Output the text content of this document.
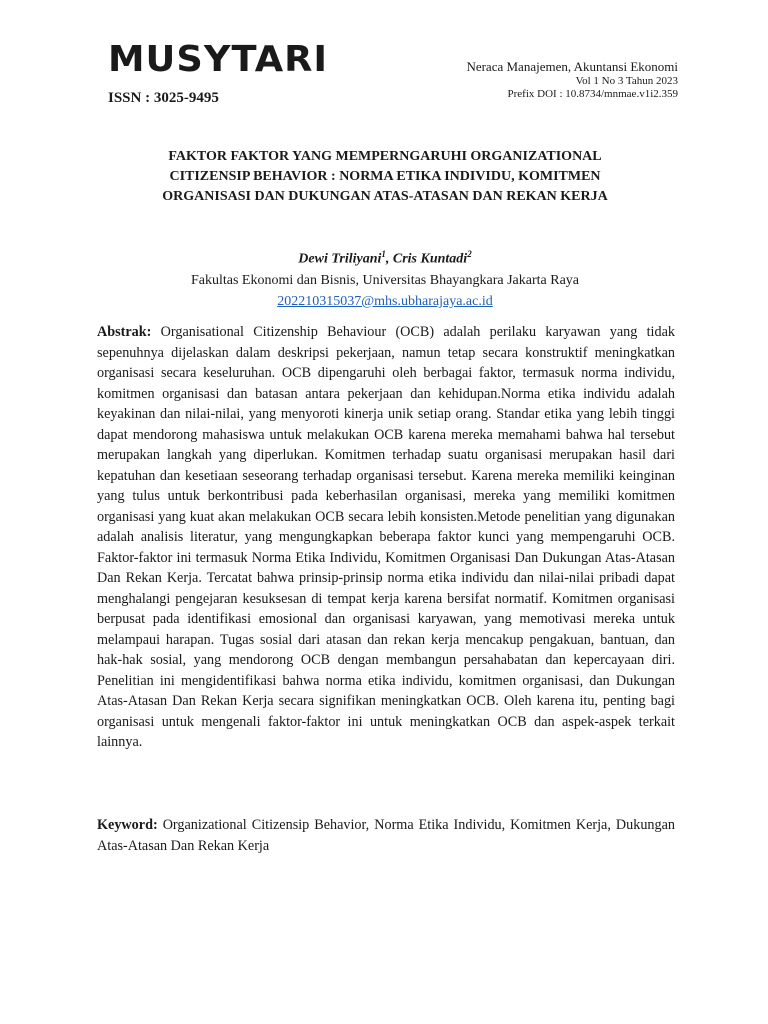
MUSYTARI
ISSN : 3025-9495
Neraca Manajemen, Akuntansi Ekonomi
Vol 1 No 3 Tahun 2023
Prefix DOI : 10.8734/mnmae.v1i2.359
FAKTOR FAKTOR YANG MEMPERNGARUHI ORGANIZATIONAL
CITIZENSIP BEHAVIOR : NORMA ETIKA INDIVIDU, KOMITMEN
ORGANISASI DAN DUKUNGAN ATAS-ATASAN DAN REKAN KERJA
Dewi Triliyani$^1$, Cris Kuntadi$^2$
Fakultas Ekonomi dan Bisnis, Universitas Bhayangkara Jakarta Raya
202210315037@mhs.ubharajaya.ac.id
Abstrak: Organisational Citizenship Behaviour (OCB) adalah perilaku karyawan yang tidak sepenuhnya dijelaskan dalam deskripsi pekerjaan, namun tetap secara konstruktif meningkatkan organisasi secara keseluruhan. OCB dipengaruhi oleh berbagai faktor, termasuk norma individu, komitmen organisasi dan batasan antara pekerjaan dan kehidupan.Norma etika individu adalah keyakinan dan nilai-nilai, yang menyoroti kinerja unik setiap orang. Standar etika yang lebih tinggi dapat mendorong mahasiswa untuk melakukan OCB karena mereka memahami bahwa hal tersebut merupakan langkah yang diperlukan. Komitmen terhadap suatu organisasi merupakan hasil dari kepatuhan dan kesetiaan seseorang terhadap organisasi tersebut. Karena mereka memiliki keinginan yang tulus untuk berkontribusi pada keberhasilan organisasi, mereka yang memiliki komitmen organisasi yang kuat akan melakukan OCB secara lebih konsisten.Metode penelitian yang digunakan adalah analisis literatur, yang mengungkapkan beberapa faktor kunci yang mempengaruhi OCB. Faktor-faktor ini termasuk Norma Etika Individu, Komitmen Organisasi Dan Dukungan Atas-Atasan Dan Rekan Kerja. Tercatat bahwa prinsip-prinsip norma etika individu dan nilai-nilai pribadi dapat menghalangi pengejaran kesuksesan di tempat kerja karena bersifat normatif. Komitmen organisasi berpusat pada identifikasi emosional dan organisasi karyawan, yang memotivasi mereka untuk melampaui harapan. Tugas sosial dari atasan dan rekan kerja mencakup pengakuan, bantuan, dan hak-hak sosial, yang mendorong OCB dengan membangun persahabatan dan kepercayaan diri. Penelitian ini mengidentifikasi bahwa norma etika individu, komitmen organisasi, dan Dukungan Atas-Atasan Dan Rekan Kerja secara signifikan meningkatkan OCB. Oleh karena itu, penting bagi organisasi untuk mengenali faktor-faktor ini untuk meningkatkan OCB dan aspek-aspek terkait lainnya.
Keyword: Organizational Citizensip Behavior, Norma Etika Individu, Komitmen Kerja, Dukungan Atas-Atasan Dan Rekan Kerja
